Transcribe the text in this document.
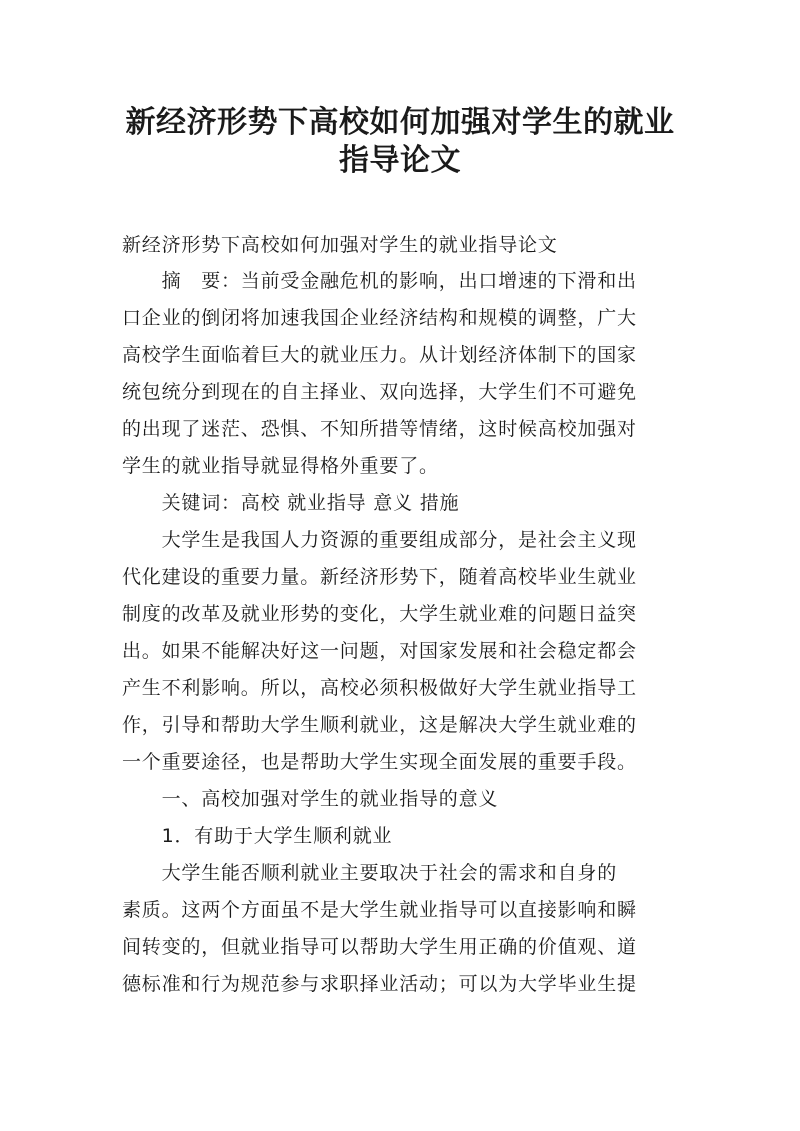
新经济形势下高校如何加强对学生的就业
指导论文
新经济形势下高校如何加强对学生的就业指导论文
　　摘　要：当前受金融危机的影响，出口增速的下滑和出
口企业的倒闭将加速我国企业经济结构和规模的调整，广大
高校学生面临着巨大的就业压力。从计划经济体制下的国家
统包统分到现在的自主择业、双向选择，大学生们不可避免
的出现了迷茫、恐惧、不知所措等情绪，这时候高校加强对
学生的就业指导就显得格外重要了。
　　关键词：高校 就业指导 意义 措施
　　大学生是我国人力资源的重要组成部分，是社会主义现
代化建设的重要力量。新经济形势下，随着高校毕业生就业
制度的改革及就业形势的变化，大学生就业难的问题日益突
出。如果不能解决好这一问题，对国家发展和社会稳定都会
产生不利影响。所以，高校必须积极做好大学生就业指导工
作，引导和帮助大学生顺利就业，这是解决大学生就业难的
一个重要途径，也是帮助大学生实现全面发展的重要手段。
　　一、高校加强对学生的就业指导的意义
　　1．有助于大学生顺利就业
　　大学生能否顺利就业主要取决于社会的需求和自身的
素质。这两个方面虽不是大学生就业指导可以直接影响和瞬
间转变的，但就业指导可以帮助大学生用正确的价值观、道
德标准和行为规范参与求职择业活动；可以为大学毕业生提
